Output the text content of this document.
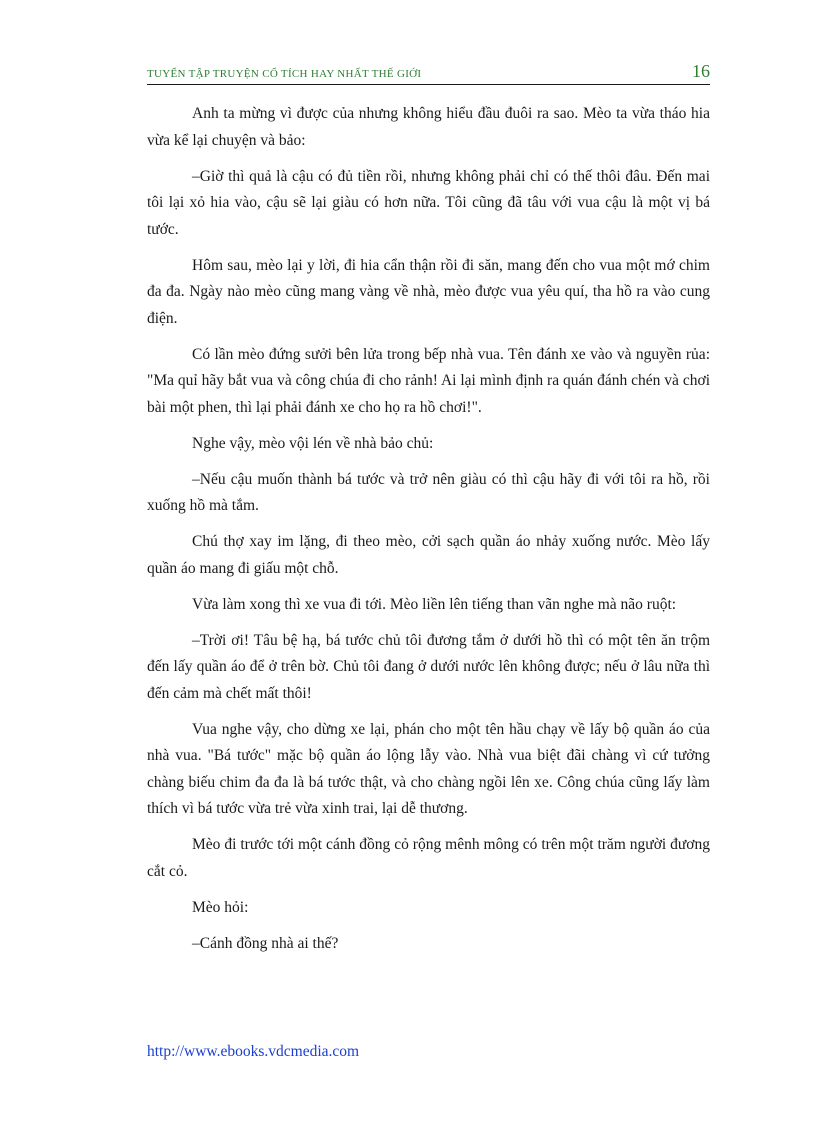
TUYỂN TẬP TRUYỆN CỔ TÍCH HAY NHẤT THẾ GIỚI	16

Anh ta mừng vì được của nhưng không hiểu đầu đuôi ra sao. Mèo ta vừa tháo hia vừa kể lại chuyện và bảo:

–Giờ thì quả là cậu có đủ tiền rồi, nhưng không phải chỉ có thế thôi đâu. Đến mai tôi lại xỏ hia vào, cậu sẽ lại giàu có hơn nữa. Tôi cũng đã tâu với vua cậu là một vị bá tước.

Hôm sau, mèo lại y lời, đi hia cẩn thận rồi đi săn, mang đến cho vua một mớ chim đa đa. Ngày nào mèo cũng mang vàng về nhà, mèo được vua yêu quí, tha hồ ra vào cung điện.

Có lần mèo đứng sưởi bên lửa trong bếp nhà vua. Tên đánh xe vào và nguyền rủa: "Ma quỉ hãy bắt vua và công chúa đi cho rảnh! Ai lại mình định ra quán đánh chén và chơi bài một phen, thì lại phải đánh xe cho họ ra hồ chơi!".

Nghe vậy, mèo vội lén về nhà bảo chủ:

–Nếu cậu muốn thành bá tước và trở nên giàu có thì cậu hãy đi với tôi ra hồ, rồi xuống hồ mà tắm.

Chú thợ xay im lặng, đi theo mèo, cởi sạch quần áo nhảy xuống nước. Mèo lấy quần áo mang đi giấu một chỗ.

Vừa làm xong thì xe vua đi tới. Mèo liền lên tiếng than vãn nghe mà não ruột:

–Trời ơi! Tâu bệ hạ, bá tước chủ tôi đương tắm ở dưới hồ thì có một tên ăn trộm đến lấy quần áo để ở trên bờ. Chủ tôi đang ở dưới nước lên không được; nếu ở lâu nữa thì đến cảm mà chết mất thôi!

Vua nghe vậy, cho dừng xe lại, phán cho một tên hầu chạy về lấy bộ quần áo của nhà vua. "Bá tước" mặc bộ quần áo lộng lẫy vào. Nhà vua biệt đãi chàng vì cứ tưởng chàng biếu chim đa đa là bá tước thật, và cho chàng ngồi lên xe. Công chúa cũng lấy làm thích vì bá tước vừa trẻ vừa xinh trai, lại dễ thương.

Mèo đi trước tới một cánh đồng cỏ rộng mênh mông có trên một trăm người đương cắt cỏ.

Mèo hỏi:

–Cánh đồng nhà ai thế?

http://www.ebooks.vdcmedia.com
